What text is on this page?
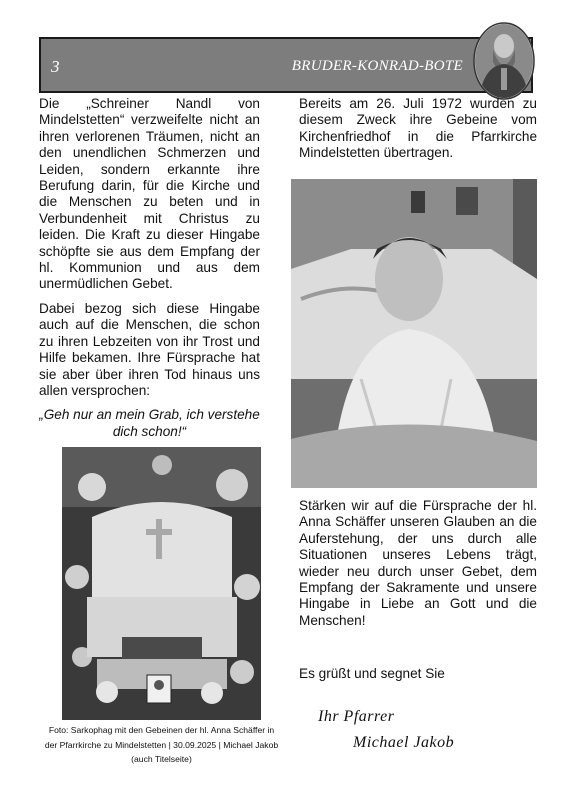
3	BRUDER-KONRAD-BOTE

Die „Schreiner Nandl von Mindelstetten“ verzweifelte nicht an ihren verlorenen Träumen, nicht an den unendlichen Schmerzen und Leiden, sondern erkannte ihre Berufung darin, für die Kirche und die Menschen zu beten und in Verbundenheit mit Christus zu leiden. Die Kraft zu dieser Hingabe schöpfte sie aus dem Empfang der hl. Kommunion und aus dem unermüdlichen Gebet.

Dabei bezog sich diese Hingabe auch auf die Menschen, die schon zu ihren Lebzeiten von ihr Trost und Hilfe bekamen. Ihre Fürsprache hat sie aber über ihren Tod hinaus uns allen versprochen:

„Geh nur an mein Grab, ich verstehe dich schon!“

Foto: Sarkophag mit den Gebeinen der hl. Anna Schäffer in der Pfarrkirche zu Mindelstetten | 30.09.2025 | Michael Jakob (auch Titelseite)

Bereits am 26. Juli 1972 wurden zu diesem Zweck ihre Gebeine vom Kirchenfriedhof in die Pfarrkirche Mindelstetten übertragen.

Stärken wir auf die Fürsprache der hl. Anna Schäffer unseren Glauben an die Auferstehung, der uns durch alle Situationen unseres Lebens trägt, wieder neu durch unser Gebet, dem Empfang der Sakramente und unsere Hingabe in Liebe an Gott und die Menschen!

Es grüßt und segnet Sie
Ihr Pfarrer
Michael Jakob
